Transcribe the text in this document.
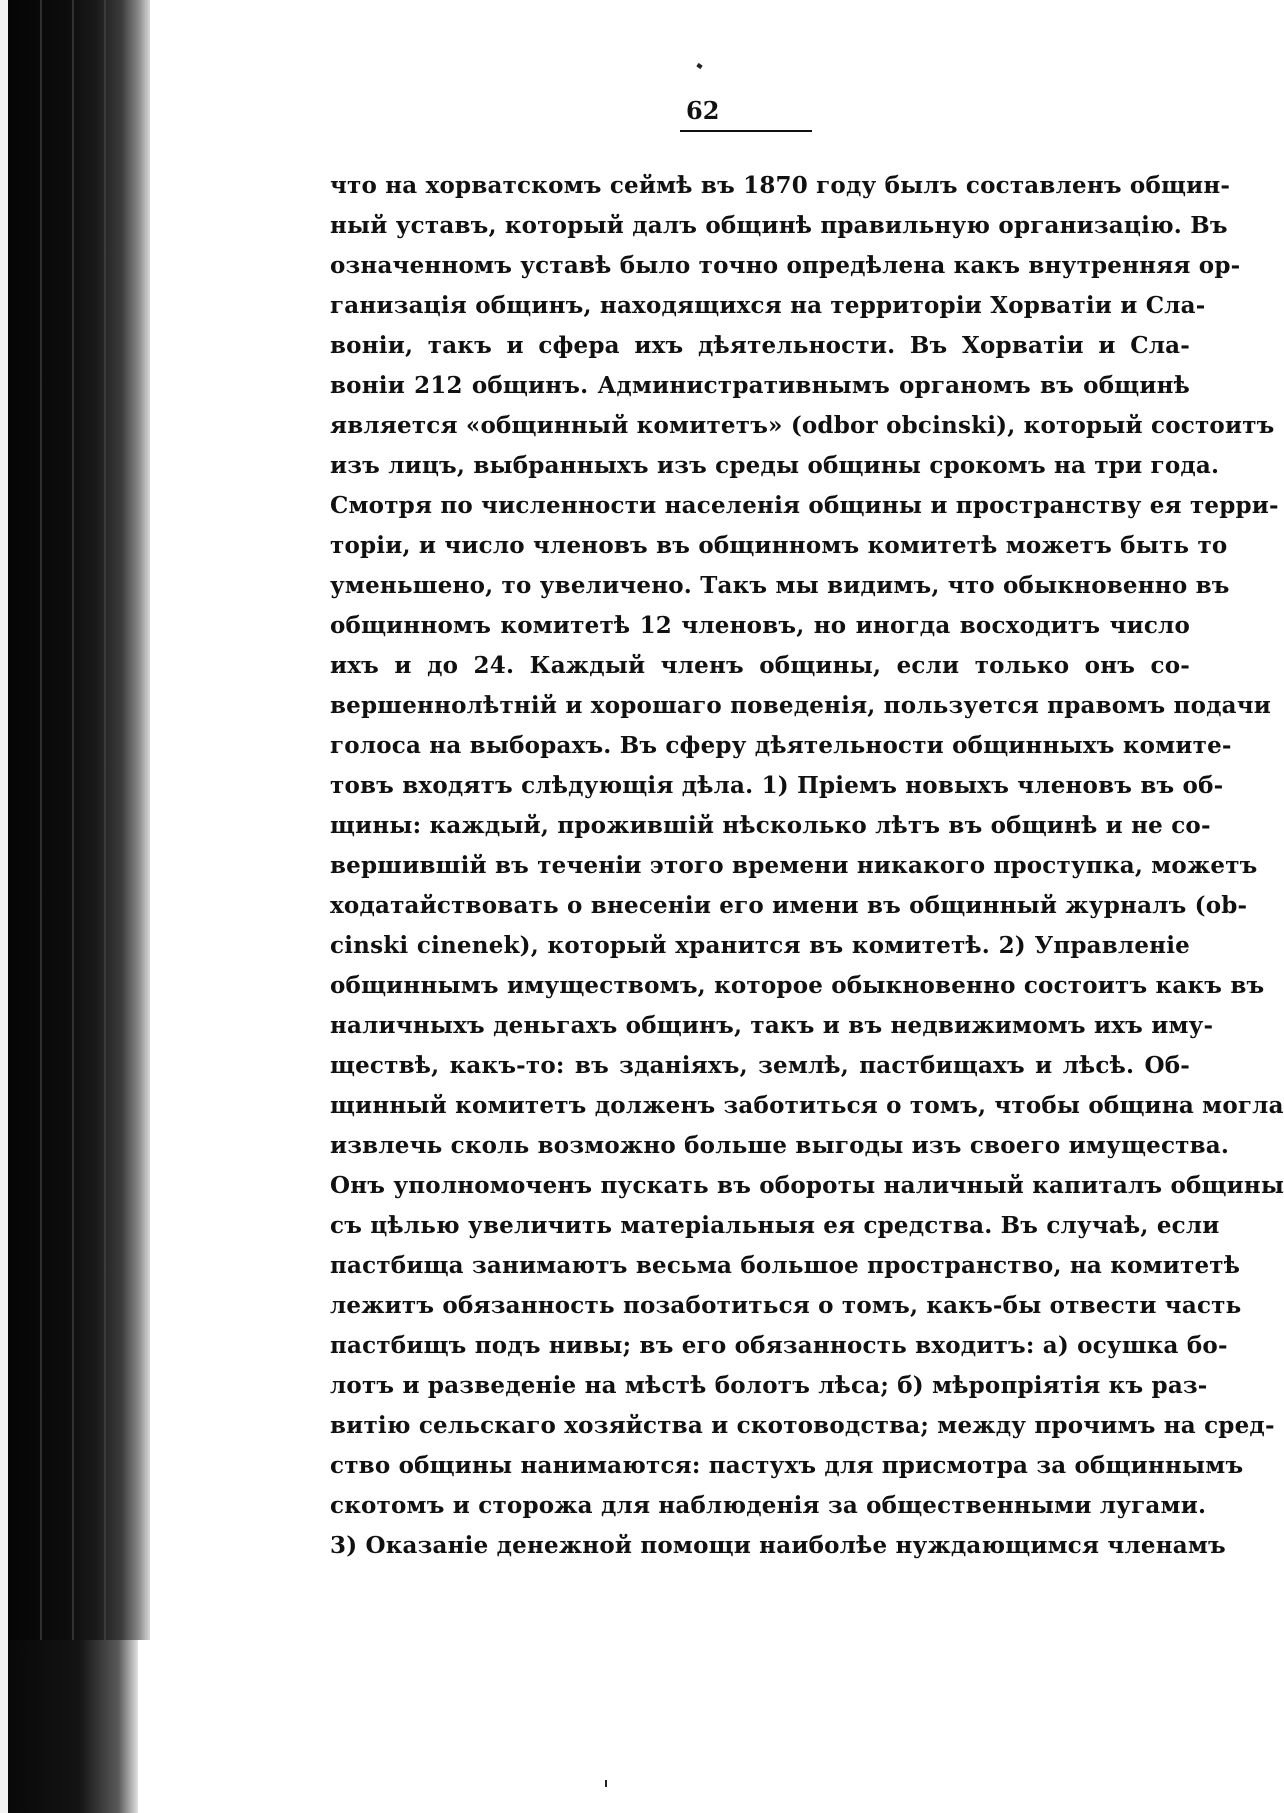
62
что на хорватскомъ сеймѣ въ 1870 году былъ составленъ общин-
ный уставъ, который далъ общинѣ правильную организацію. Въ
означенномъ уставѣ было точно опредѣлена какъ внутренняя ор-
ганизація общинъ, находящихся на территоріи Хорватіи и Сла-
воніи, такъ и сфера ихъ дѣятельности. Въ Хорватіи и Сла-
воніи 212 общинъ. Административнымъ органомъ въ общинѣ
является «общинный комитетъ» (odbor obcinski), который состоитъ
изъ лицъ, выбранныхъ изъ среды общины срокомъ на три года.
Смотря по численности населенія общины и пространству ея терри-
торіи, и число членовъ въ общинномъ комитетѣ можетъ быть то
уменьшено, то увеличено. Такъ мы видимъ, что обыкновенно въ
общинномъ комитетѣ 12 членовъ, но иногда восходитъ число
ихъ и до 24. Каждый членъ общины, если только онъ со-
вершеннолѣтній и хорошаго поведенія, пользуется правомъ подачи
голоса на выборахъ. Въ сферу дѣятельности общинныхъ комите-
товъ входятъ слѣдующія дѣла. 1) Пріемъ новыхъ членовъ въ об-
щины: каждый, прожившій нѣсколько лѣтъ въ общинѣ и не со-
вершившій въ теченіи этого времени никакого проступка, можетъ
ходатайствовать о внесеніи его имени въ общинный журналъ (ob-
cinski cinenek), который хранится въ комитетѣ. 2) Управленіе
общиннымъ имуществомъ, которое обыкновенно состоитъ какъ въ
наличныхъ деньгахъ общинъ, такъ и въ недвижимомъ ихъ иму-
ществѣ, какъ-то: въ зданіяхъ, землѣ, пастбищахъ и лѣсѣ. Об-
щинный комитетъ долженъ заботиться о томъ, чтобы община могла
извлечь сколь возможно больше выгоды изъ своего имущества.
Онъ уполномоченъ пускать въ обороты наличный капиталъ общины
съ цѣлью увеличить матеріальныя ея средства. Въ случаѣ, если
пастбища занимаютъ весьма большое пространство, на комитетѣ
лежитъ обязанность позаботиться о томъ, какъ-бы отвести часть
пастбищъ подъ нивы; въ его обязанность входитъ: а) осушка бо-
лотъ и разведеніе на мѣстѣ болотъ лѣса; б) мѣропріятія къ раз-
витію сельскаго хозяйства и скотоводства; между прочимъ на сред-
ство общины нанимаются: пастухъ для присмотра за общиннымъ
скотомъ и сторожа для наблюденія за общественными лугами.
3) Оказаніе денежной помощи наиболѣе нуждающимся членамъ
